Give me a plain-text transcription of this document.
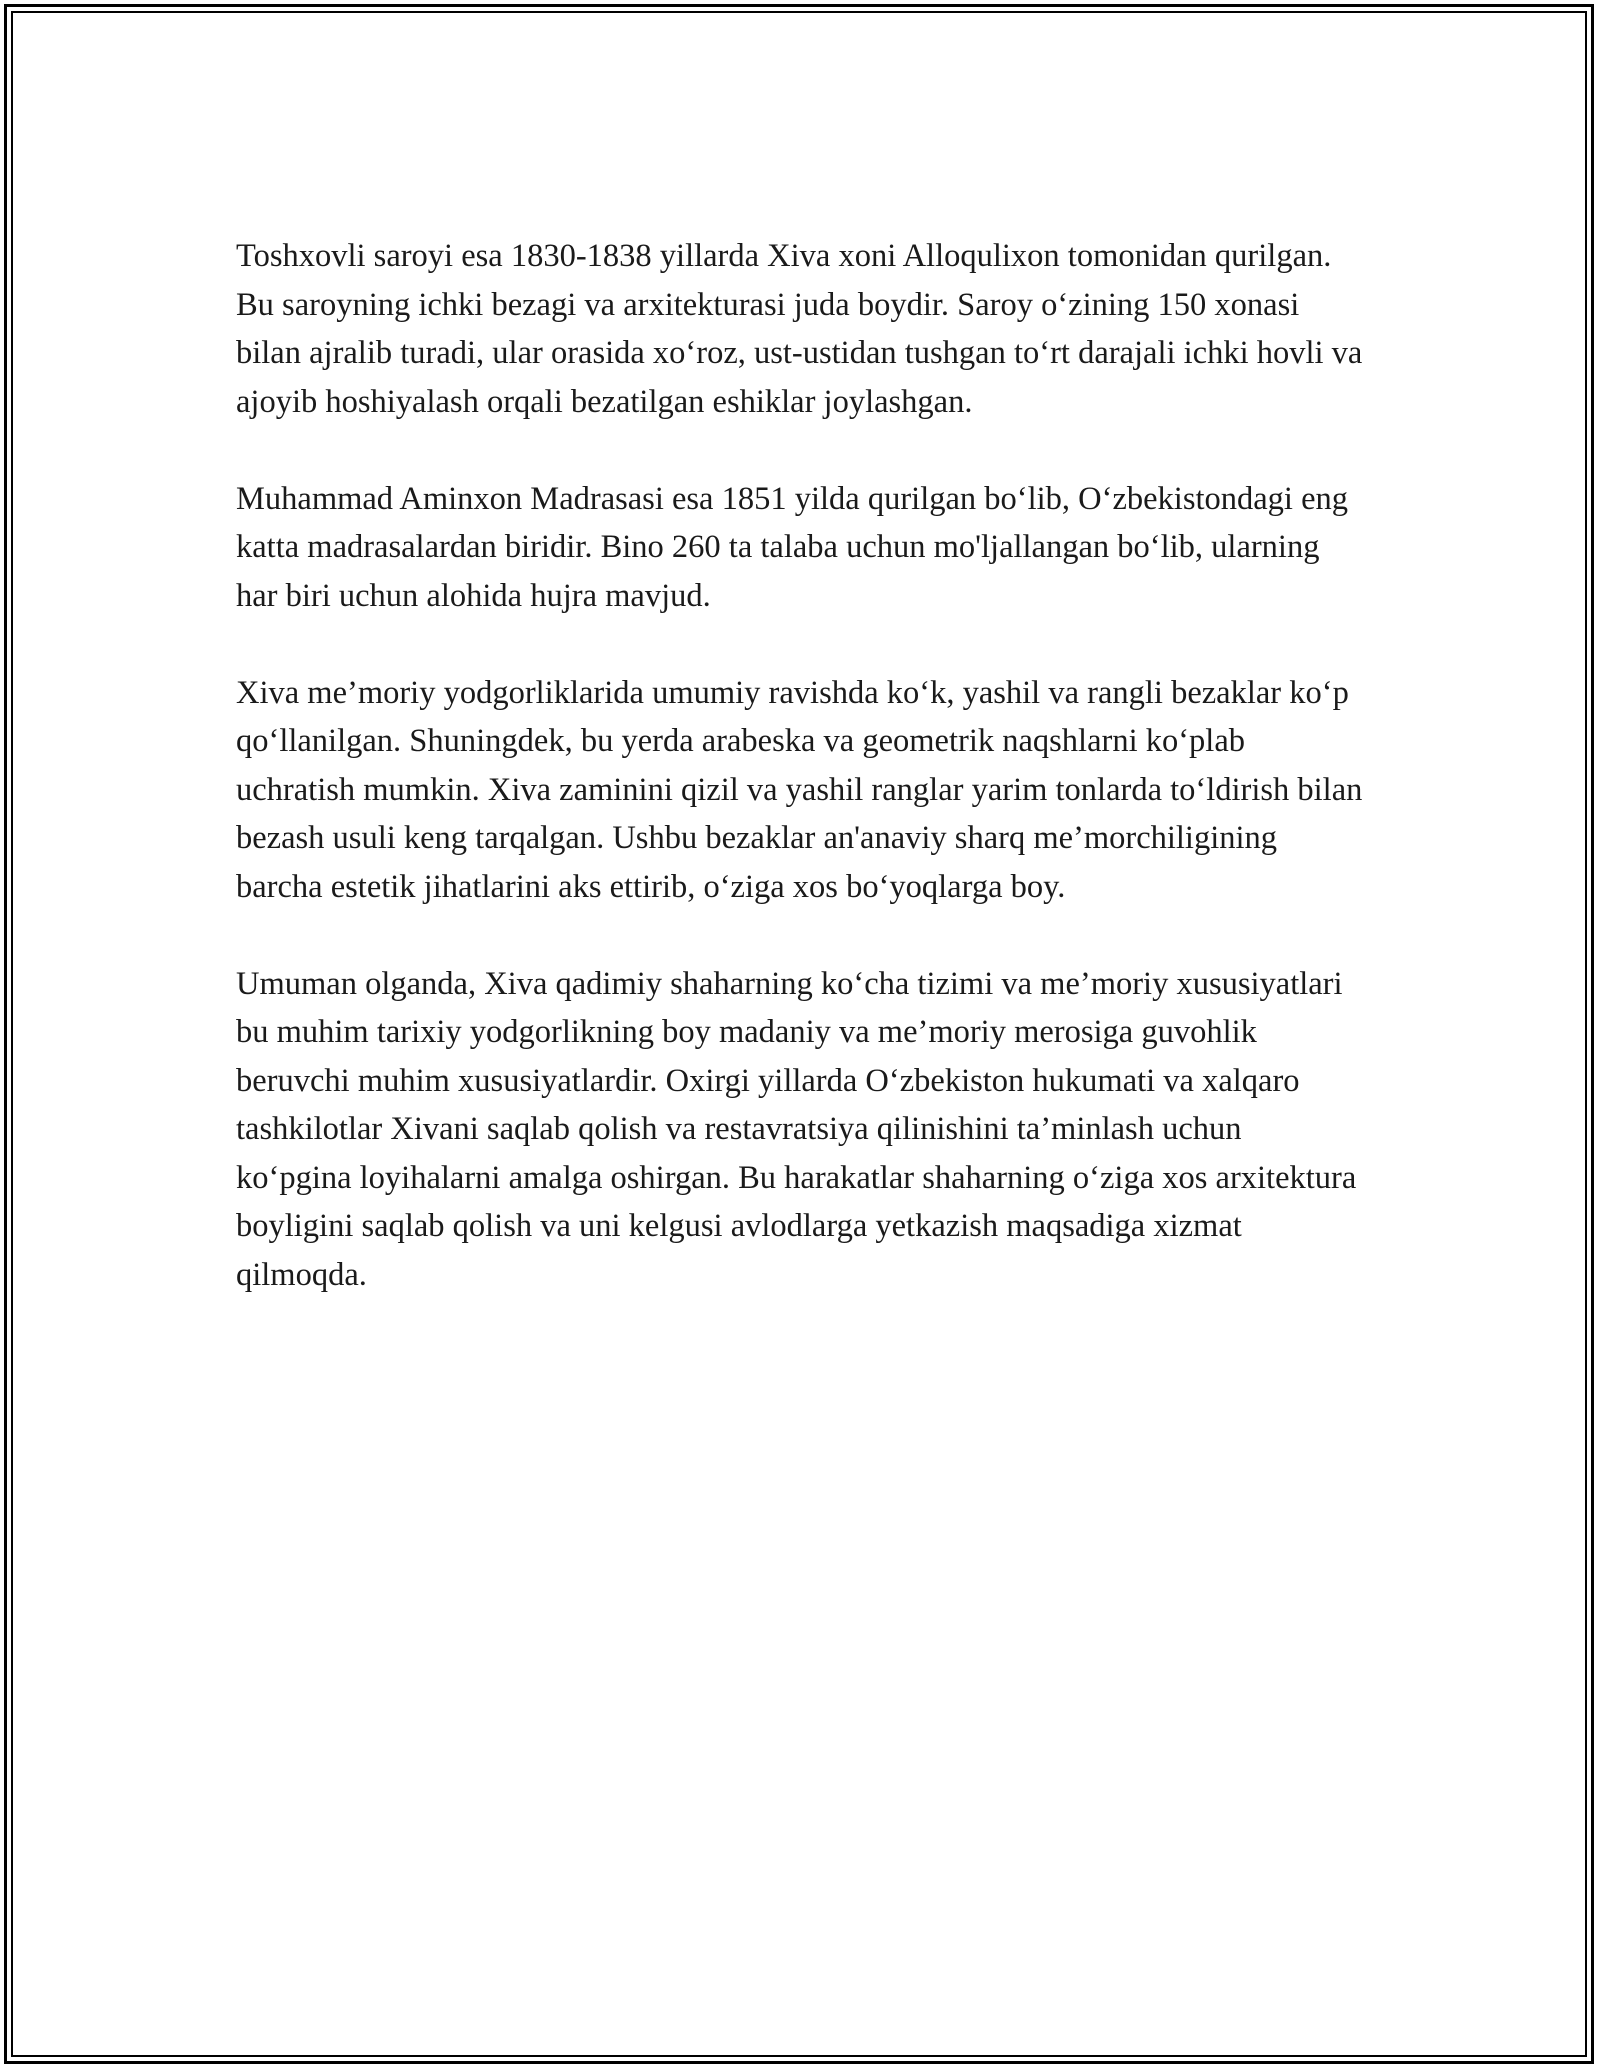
Toshxovli saroyi esa 1830-1838 yillarda Xiva xoni Alloqulixon tomonidan qurilgan. Bu saroyning ichki bezagi va arxitekturasi juda boydir. Saroy o‘zining 150 xonasi bilan ajralib turadi, ular orasida xo‘roz, ust-ustidan tushgan to‘rt darajali ichki hovli va ajoyib hoshiyalash orqali bezatilgan eshiklar joylashgan.

Muhammad Aminxon Madrasasi esa 1851 yilda qurilgan bo‘lib, O‘zbekistondagi eng katta madrasalardan biridir. Bino 260 ta talaba uchun mo'ljallangan bo‘lib, ularning har biri uchun alohida hujra mavjud.

Xiva me’moriy yodgorliklarida umumiy ravishda ko‘k, yashil va rangli bezaklar ko‘p qo‘llanilgan. Shuningdek, bu yerda arabeska va geometrik naqshlarni ko‘plab uchratish mumkin. Xiva zaminini qizil va yashil ranglar yarim tonlarda to‘ldirish bilan bezash usuli keng tarqalgan. Ushbu bezaklar an'anaviy sharq me’morchiligining barcha estetik jihatlarini aks ettirib, o‘ziga xos bo‘yoqlarga boy.

Umuman olganda, Xiva qadimiy shaharning ko‘cha tizimi va me’moriy xususiyatlari bu muhim tarixiy yodgorlikning boy madaniy va me’moriy merosiga guvohlik beruvchi muhim xususiyatlardir. Oxirgi yillarda O‘zbekiston hukumati va xalqaro tashkilotlar Xivani saqlab qolish va restavratsiya qilinishini ta’minlash uchun ko‘pgina loyihalarni amalga oshirgan. Bu harakatlar shaharning o‘ziga xos arxitektura boyligini saqlab qolish va uni kelgusi avlodlarga yetkazish maqsadiga xizmat qilmoqda.
